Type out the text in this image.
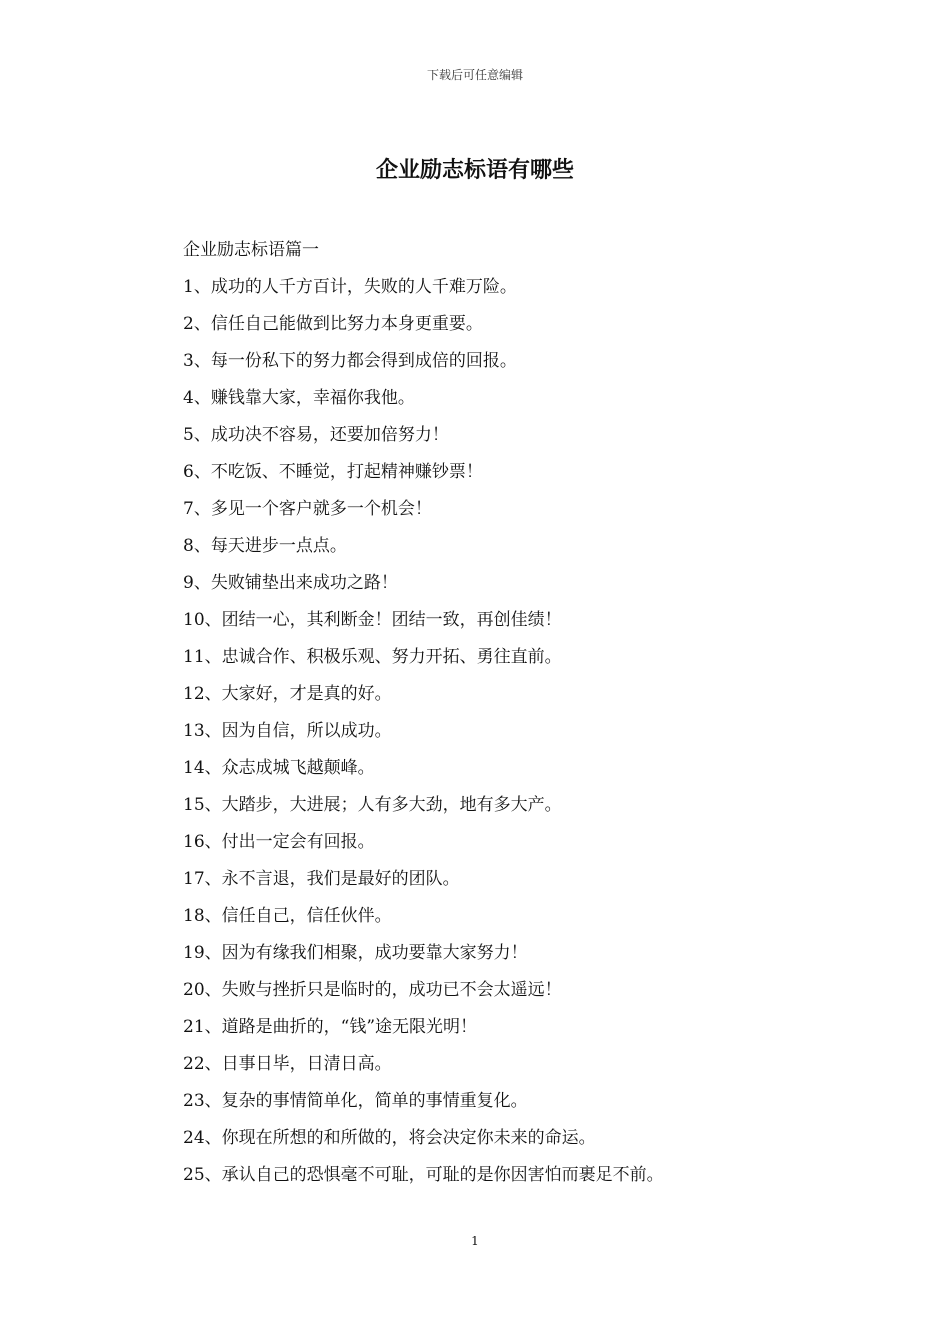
下载后可任意编辑
企业励志标语有哪些
企业励志标语篇一
1、成功的人千方百计，失败的人千难万险。
2、信任自己能做到比努力本身更重要。
3、每一份私下的努力都会得到成倍的回报。
4、赚钱靠大家，幸福你我他。
5、成功决不容易，还要加倍努力！
6、不吃饭、不睡觉，打起精神赚钞票！
7、多见一个客户就多一个机会！
8、每天进步一点点。
9、失败铺垫出来成功之路！
10、团结一心，其利断金！团结一致，再创佳绩！
11、忠诚合作、积极乐观、努力开拓、勇往直前。
12、大家好，才是真的好。
13、因为自信，所以成功。
14、众志成城飞越颠峰。
15、大踏步，大进展；人有多大劲，地有多大产。
16、付出一定会有回报。
17、永不言退，我们是最好的团队。
18、信任自己，信任伙伴。
19、因为有缘我们相聚，成功要靠大家努力！
20、失败与挫折只是临时的，成功已不会太遥远！
21、道路是曲折的，“钱”途无限光明！
22、日事日毕，日清日高。
23、复杂的事情简单化，简单的事情重复化。
24、你现在所想的和所做的，将会决定你未来的命运。
25、承认自己的恐惧毫不可耻，可耻的是你因害怕而裹足不前。
1
